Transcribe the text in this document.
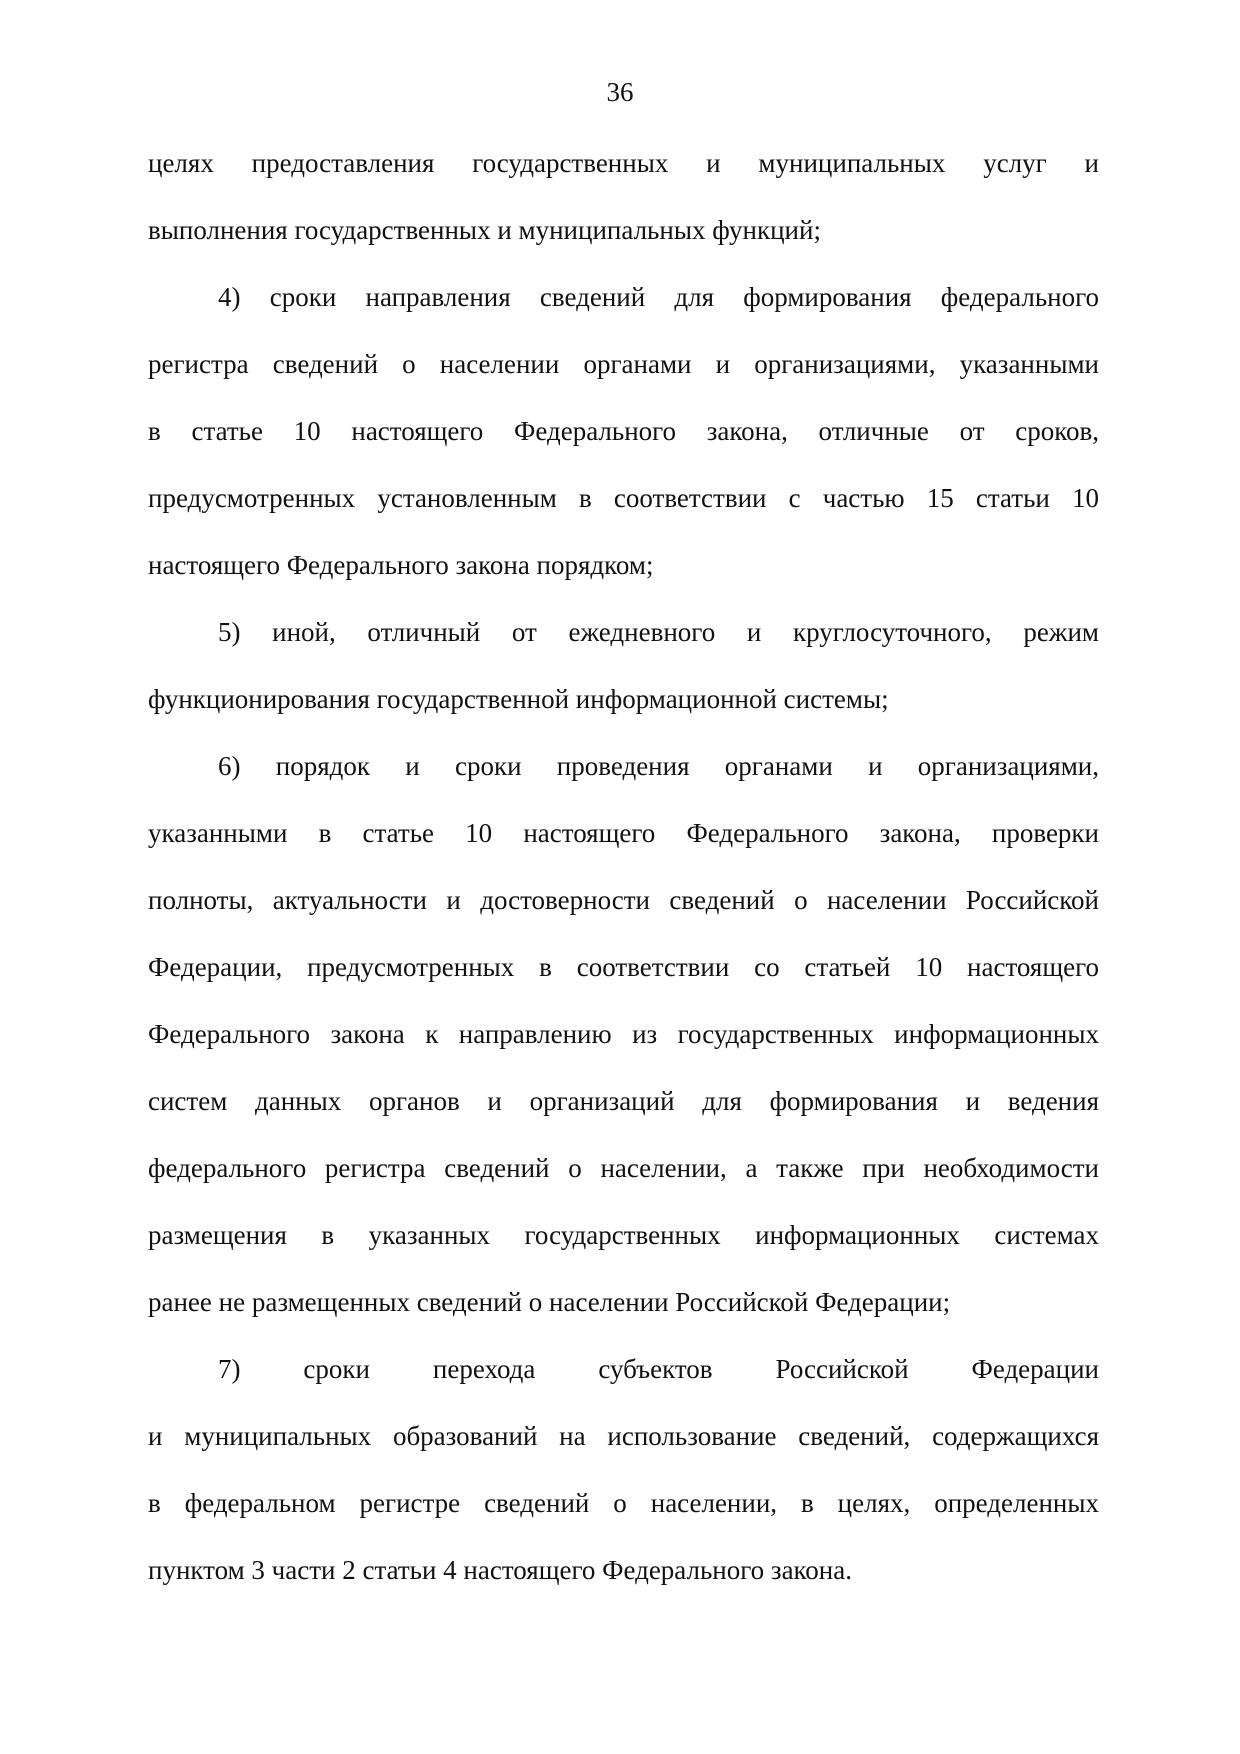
36
целях предоставления государственных и муниципальных услуг и
выполнения государственных и муниципальных функций;
4) сроки направления сведений для формирования федерального
регистра сведений о населении органами и организациями, указанными
в статье 10 настоящего Федерального закона, отличные от сроков,
предусмотренных установленным в соответствии с частью 15 статьи 10
настоящего Федерального закона порядком;
5) иной, отличный от ежедневного и круглосуточного, режим
функционирования государственной информационной системы;
6) порядок и сроки проведения органами и организациями,
указанными в статье 10 настоящего Федерального закона, проверки
полноты, актуальности и достоверности сведений о населении Российской
Федерации, предусмотренных в соответствии со статьей 10 настоящего
Федерального закона к направлению из государственных информационных
систем данных органов и организаций для формирования и ведения
федерального регистра сведений о населении, а также при необходимости
размещения в указанных государственных информационных системах
ранее не размещенных сведений о населении Российской Федерации;
7) сроки перехода субъектов Российской Федерации
и муниципальных образований на использование сведений, содержащихся
в федеральном регистре сведений о населении, в целях, определенных
пунктом 3 части 2 статьи 4 настоящего Федерального закона.
